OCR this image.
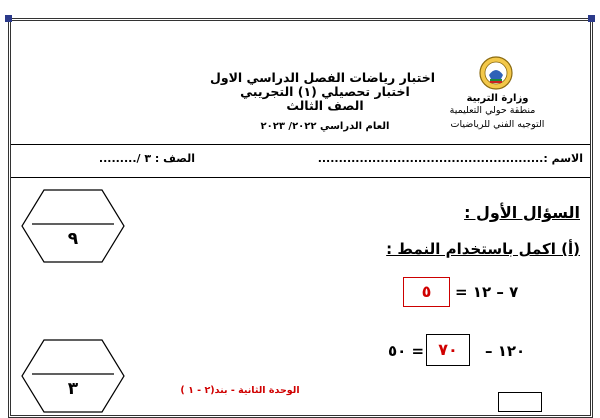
وزارة التربية
منطقة حولي التعليمية
التوجيه الفني للرياضيات
اختبار رياضات الفصل الدراسي الاول
اختبار تحصيلي (١) التجريبي
الصف الثالث
العام الدراسي ٢٠٢٢/ ٢٠٢٣
الاسم :......................................................
الصف : ٣ /.........
٩
٣
السؤال الأول :
(أ) اكمل باستخدام النمط :
٥	= ٧ – ١٢
٥٠ = ٧٠	– ١٢٠
الوحدة الثانية - بند(٢ - ١ )
